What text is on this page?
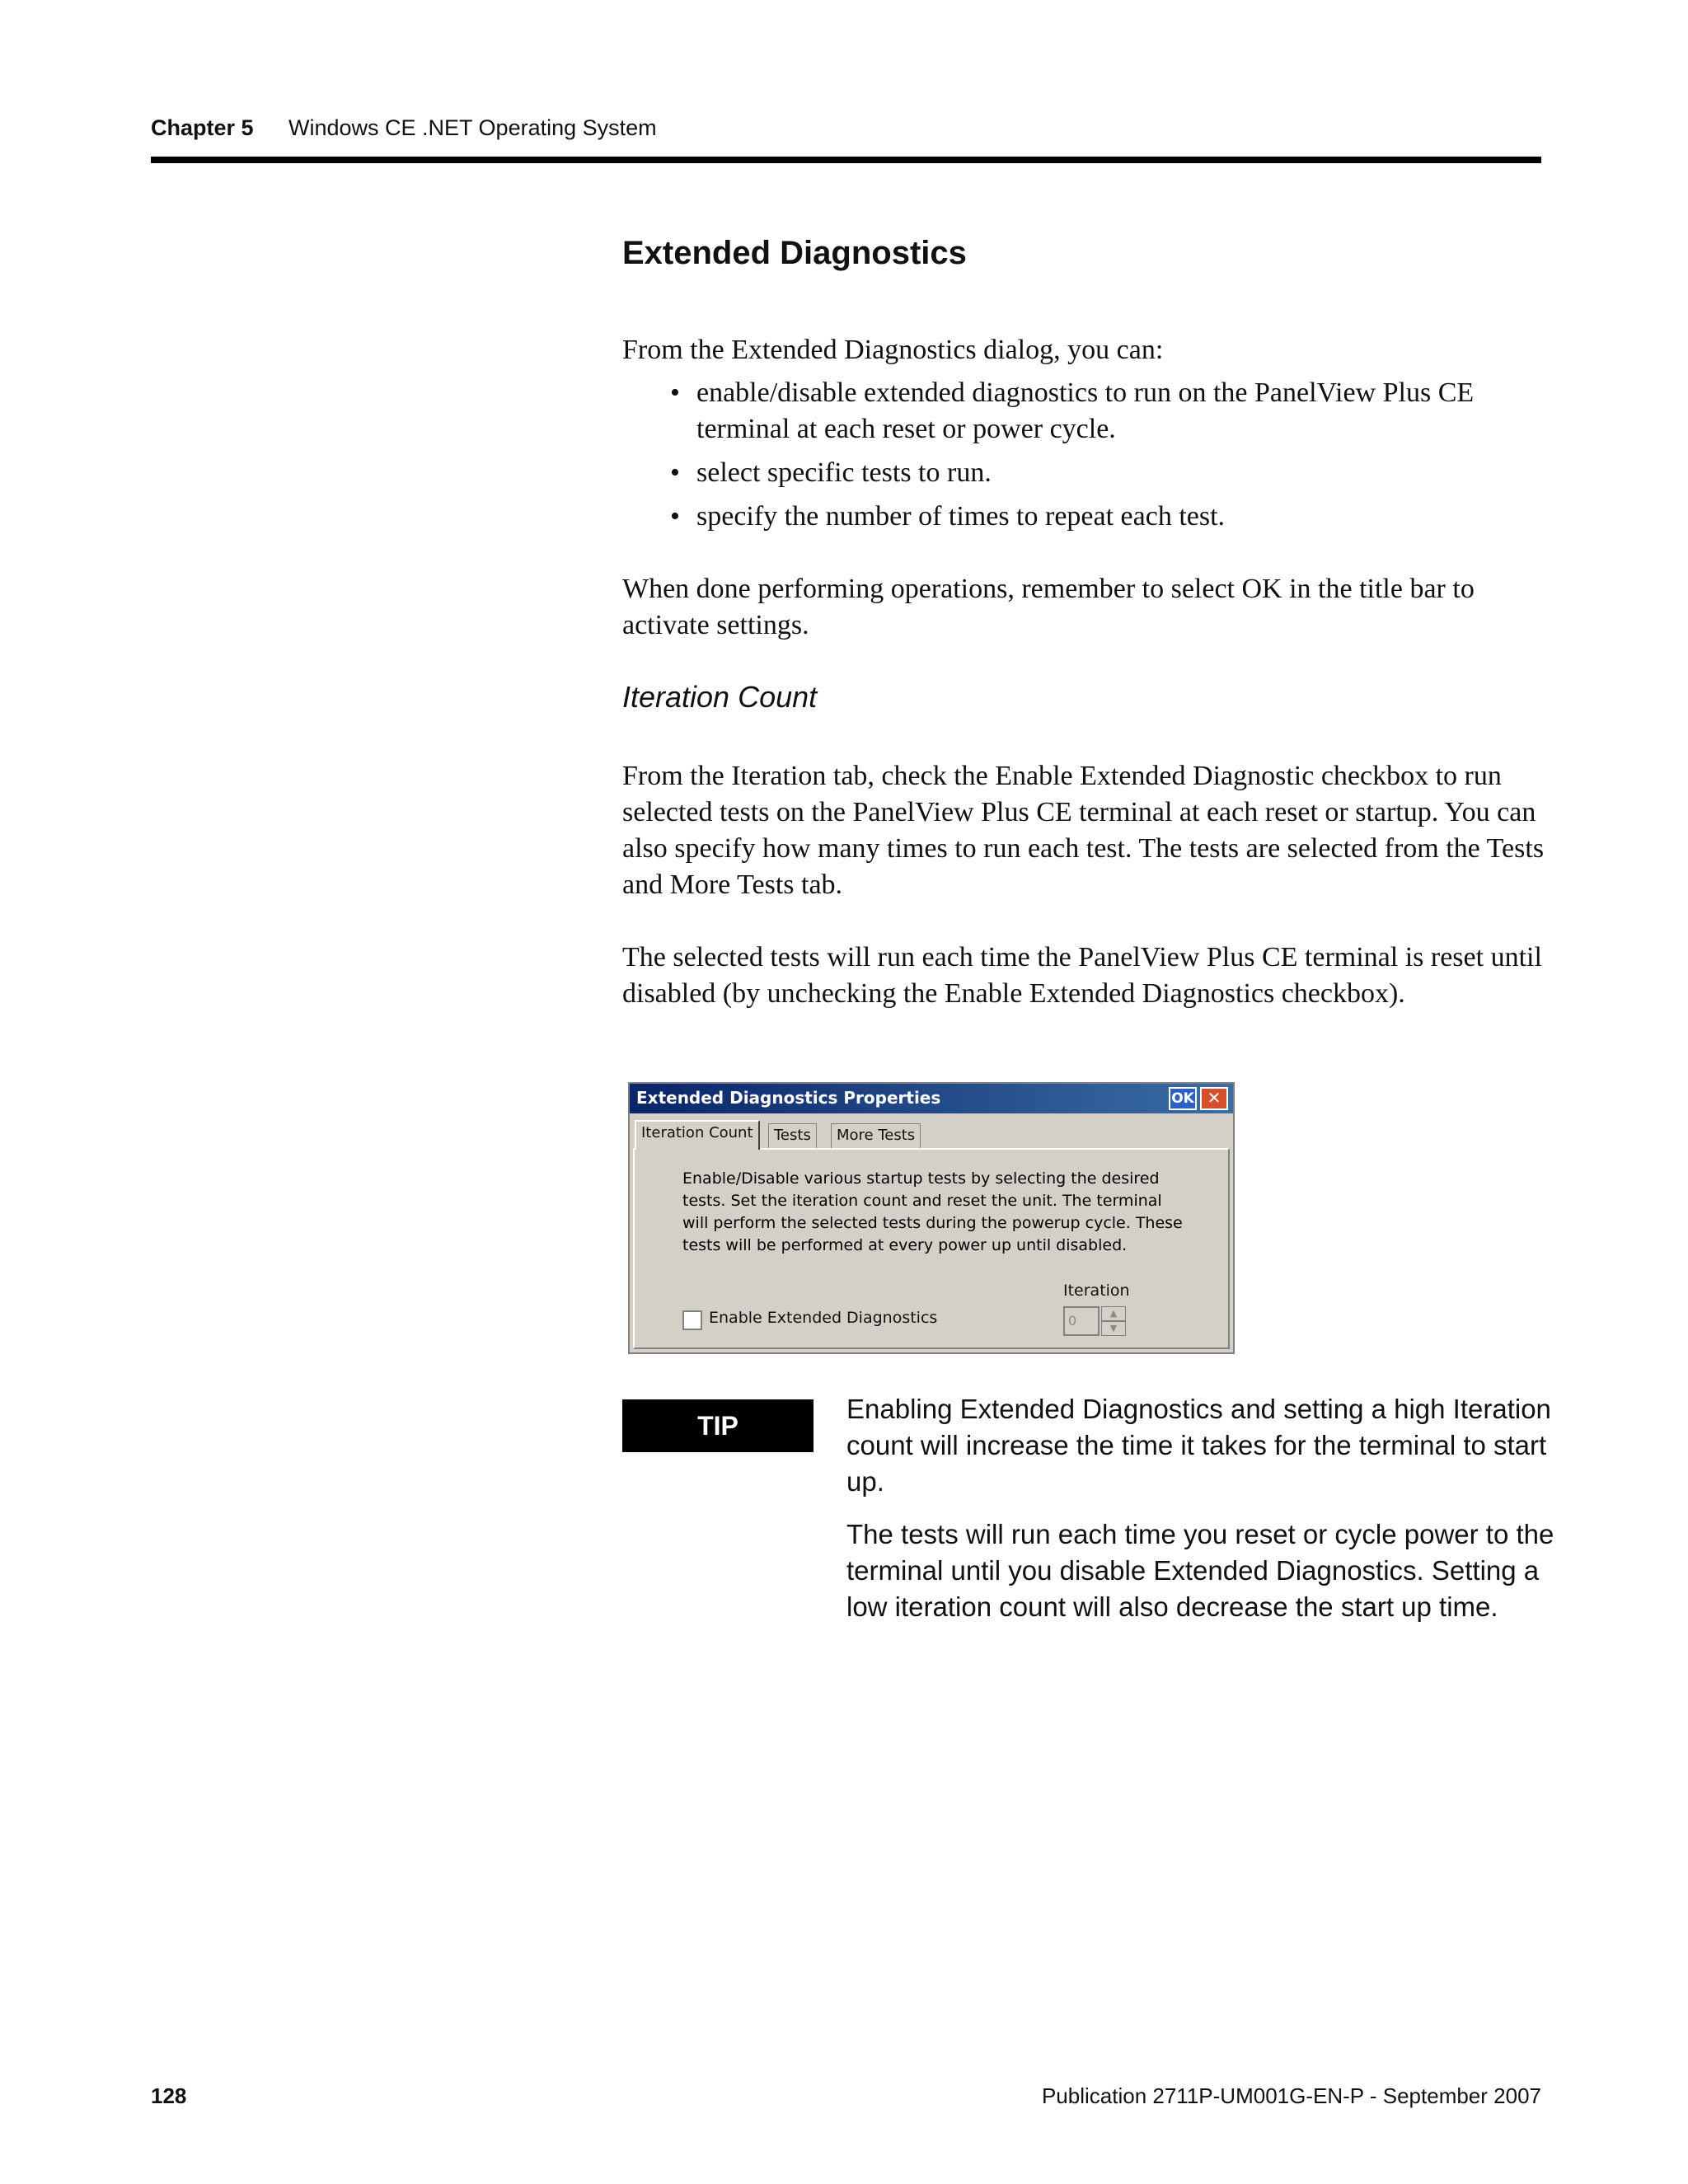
Chapter 5 Windows CE .NET Operating System
Extended Diagnostics

From the Extended Diagnostics dialog, you can:

• enable/disable extended diagnostics to run on the PanelView Plus CE terminal at each reset or power cycle.
• select specific tests to run.
• specify the number of times to repeat each test.

When done performing operations, remember to select OK in the title bar to activate settings.

Iteration Count

From the Iteration tab, check the Enable Extended Diagnostic checkbox to run selected tests on the PanelView Plus CE terminal at each reset or startup. You can also specify how many times to run each test. The tests are selected from the Tests and More Tests tab.

The selected tests will run each time the PanelView Plus CE terminal is reset until disabled (by unchecking the Enable Extended Diagnostics checkbox).

Extended Diagnostics Properties	OK ✕
Iteration Count	Tests	More Tests
Enable/Disable various startup tests by selecting the desired tests. Set the iteration count and reset the unit. The terminal will perform the selected tests during the powerup cycle. These tests will be performed at every power up until disabled.
Enable Extended Diagnostics
Iteration
0	▲
▼
TIP

Enabling Extended Diagnostics and setting a high Iteration count will increase the time it takes for the terminal to start up.

The tests will run each time you reset or cycle power to the terminal until you disable Extended Diagnostics. Setting a low iteration count will also decrease the start up time.

128	Publication 2711P-UM001G-EN-P - September 2007
